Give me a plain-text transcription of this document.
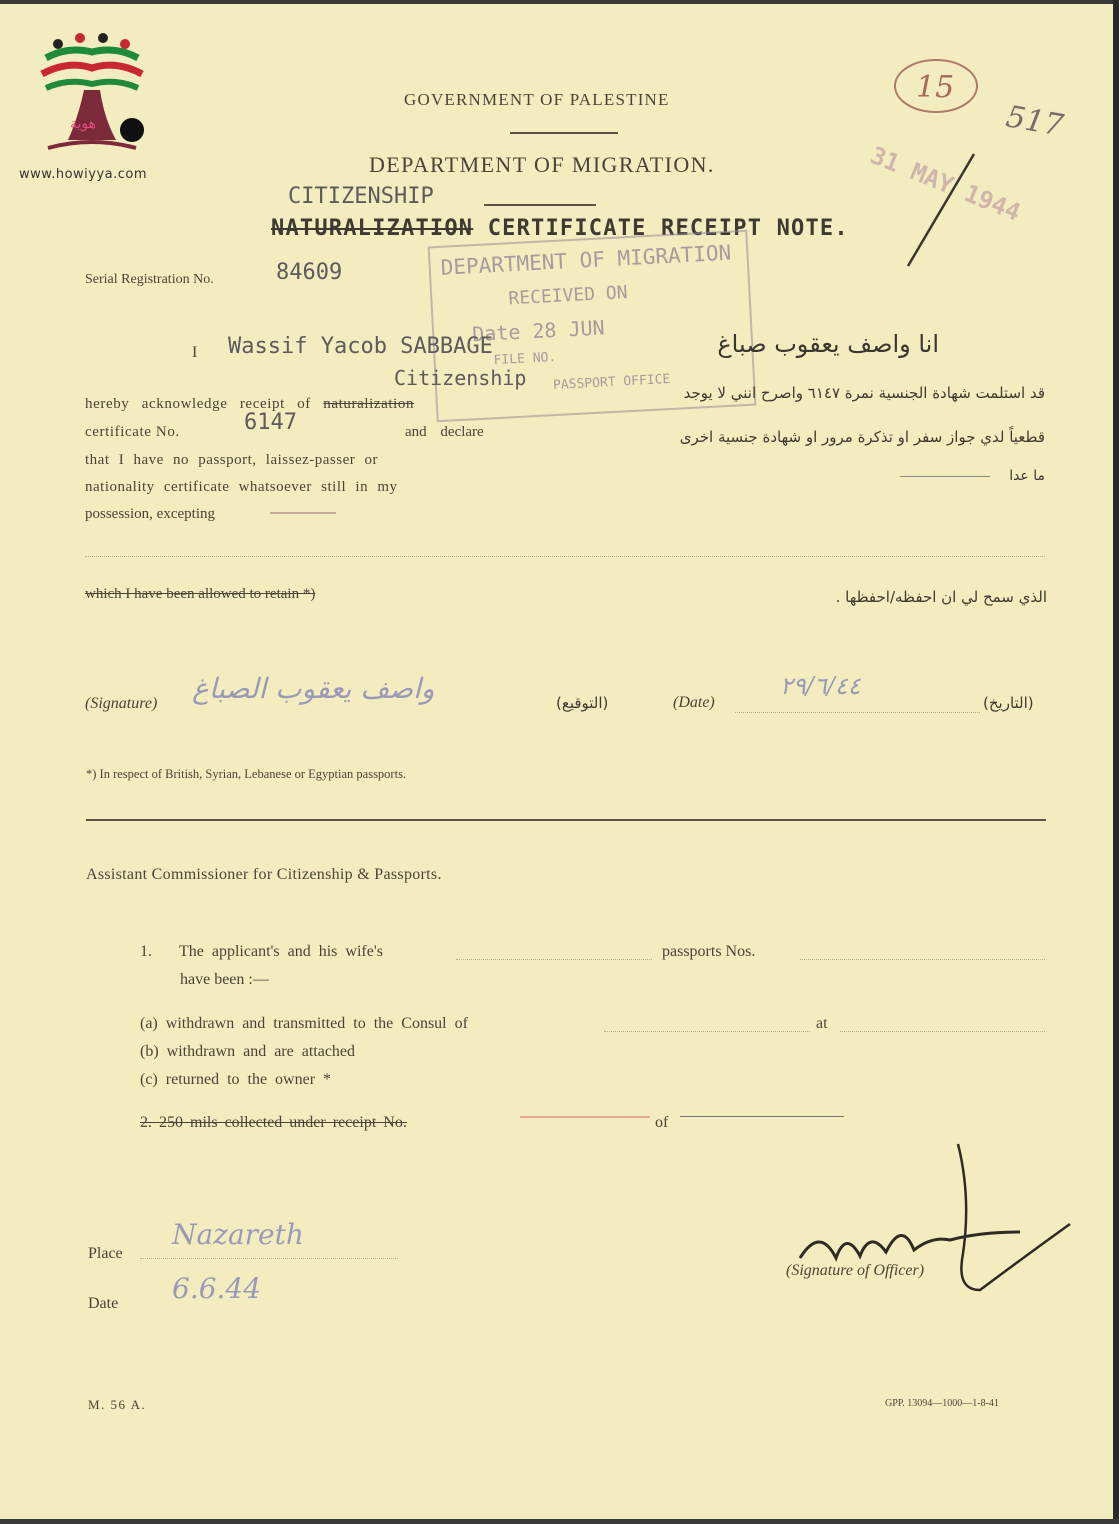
هوية
www.howiyya.com
15
517
31 MAY 1944
GOVERNMENT OF PALESTINE
DEPARTMENT OF MIGRATION.
CITIZENSHIP
NATURALIZATION CERTIFICATE RECEIPT NOTE.
DEPARTMENT OF MIGRATION
RECEIVED ON
Date 28 JUN
FILE NO.
PASSPORT OFFICE
Serial Registration No.	84609
I Wassif Yacob SABBAGE
Citizenship
hereby acknowledge receipt of naturalization
certificate No.	6147	and declare
that I have no passport, laissez-passer or
nationality certificate whatsoever still in my
possession, excepting
which I have been allowed to retain *)
انا واصف يعقوب صباغ
قد استلمت شهادة الجنسية نمرة ٦١٤٧ واصرح انني لا يوجد
قطعياً لدي جواز سفر او تذكرة مرور او شهادة جنسية اخرى
ما عدا
الذي سمح لي ان احفظه/احفظها .
(Signature) واصف يعقوب الصباغ	(التوقيع)	(Date)
٢٩/٦/٤٤
(التاريخ)
*) In respect of British, Syrian, Lebanese or Egyptian passports.
Assistant Commissioner for Citizenship & Passports.
1. The applicant's and his wife's	passports Nos.
have been :—
(a) withdrawn and transmitted to the Consul of	at
(b) withdrawn and are attached
(c) returned to the owner *
2. 250 mils collected under receipt No.	of
Place
Nazareth
Date 6.6.44
(Signature of Officer)
M. 56 A.	GPP. 13094—1000—1-8-41
